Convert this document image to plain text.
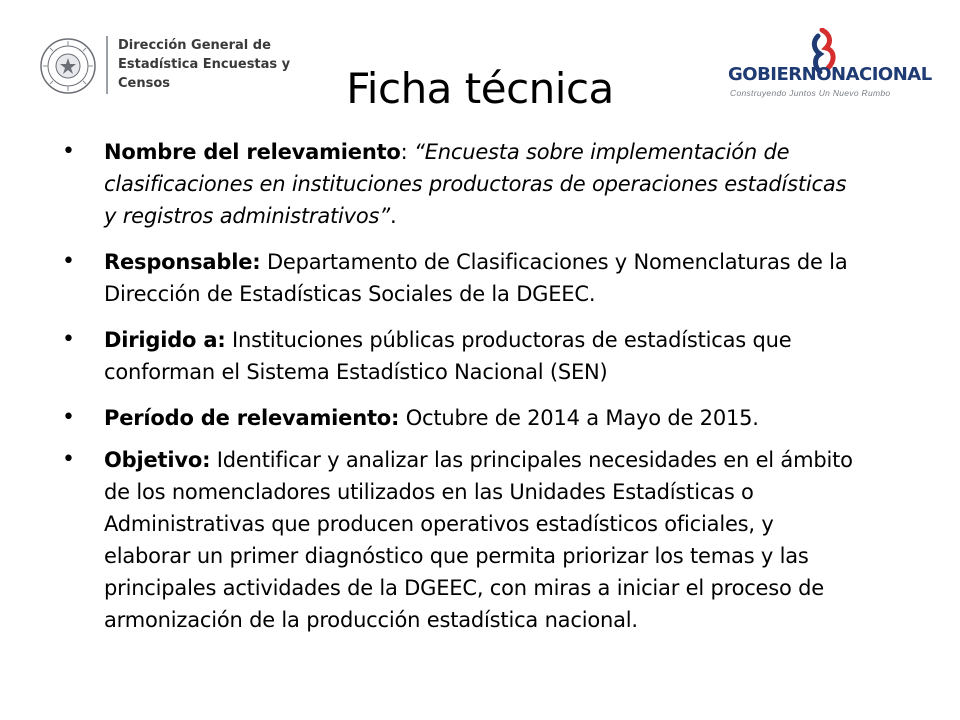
Dirección General de
Estadística Encuestas y
Censos	GOBIERNONACIONAL
Construyendo Juntos Un Nuevo Rumbo
Ficha técnica
•	Nombre del relevamiento: “Encuesta sobre implementación de clasificaciones en instituciones productoras de operaciones estadísticas y registros administrativos”.
•	Responsable: Departamento de Clasificaciones y Nomenclaturas de la Dirección de Estadísticas Sociales de la DGEEC.
•	Dirigido a: Instituciones públicas productoras de estadísticas que conforman el Sistema Estadístico Nacional (SEN)
•	Período de relevamiento: Octubre de 2014 a Mayo de 2015.
•	Objetivo: Identificar y analizar las principales necesidades en el ámbito de los nomencladores utilizados en las Unidades Estadísticas o Administrativas que producen operativos estadísticos oficiales, y elaborar un primer diagnóstico que permita priorizar los temas y las principales actividades de la DGEEC, con miras a iniciar el proceso de armonización de la producción estadística nacional.
